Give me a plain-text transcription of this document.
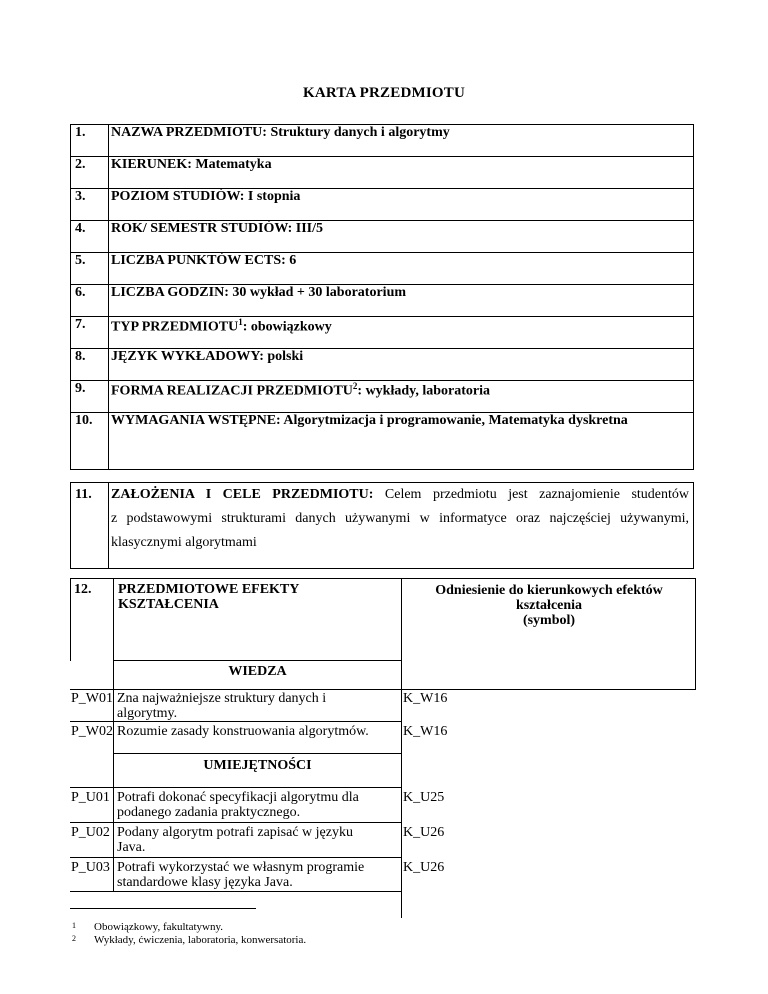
KARTA PRZEDMIOTU
1. NAZWA PRZEDMIOTU: Struktury danych i algorytmy
2. KIERUNEK: Matematyka
3. POZIOM STUDIÓW: I stopnia
4. ROK/ SEMESTR STUDIÓW: III/5
5. LICZBA PUNKTÓW ECTS: 6
6. LICZBA GODZIN: 30 wykład + 30 laboratorium
7. TYP PRZEDMIOTU$^1$: obowiązkowy
8. JĘZYK WYKŁADOWY: polski
9. FORMA REALIZACJI PRZEDMIOTU$^2$: wykłady, laboratoria
10. WYMAGANIA WSTĘPNE: Algorytmizacja i programowanie, Matematyka dyskretna
11. ZAŁOŻENIA I CELE PRZEDMIOTU: Celem przedmiotu jest zaznajomienie studentów
z podstawowymi strukturami danych używanymi w informatyce oraz najczęściej używanymi,
klasycznymi algorytmami
12. PRZEDMIOTOWE EFEKTY KSZTAŁCENIA
Odniesienie do kierunkowych efektów
kształcenia
(symbol)
WIEDZA
P_W01 Zna najważniejsze struktury danych i
algorytmy.
K_W16
P_W02 Rozumie zasady konstruowania algorytmów.	K_W16
UMIEJĘTNOŚCI
P_U01 Potrafi dokonać specyfikacji algorytmu dla
podanego zadania praktycznego.
K_U25
P_U02 Podany algorytm potrafi zapisać w języku
Java.
K_U26
P_U03 Potrafi wykorzystać we własnym programie
standardowe klasy języka Java.
K_U26
$^1$ Obowiązkowy, fakultatywny.
$^2$ Wykłady, ćwiczenia, laboratoria, konwersatoria.
